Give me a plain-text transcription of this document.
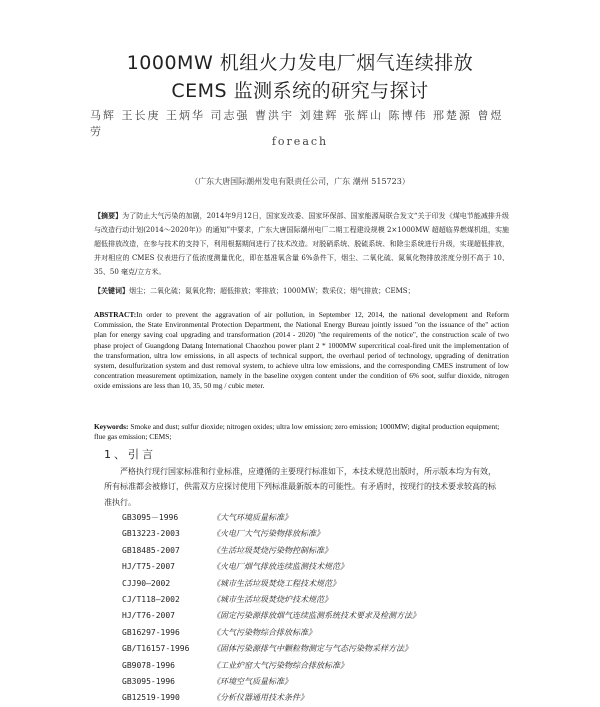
1000MW 机组火力发电厂烟气连续排放
CEMS 监测系统的研究与探讨
马辉 王长庚 王炳华 司志强 曹洪宇 刘建辉 张辉山 陈博伟 邢楚源 曾煜 劳
foreach
（广东大唐国际潮州发电有限责任公司，广东 潮州 515723）
【摘要】为了防止大气污染的加剧，2014年9月12日，国家发改委、国家环保部、国家能源局联合发文“关于印发《煤电节能减排升级与改造行动计划(2014～2020年)》的通知”中要求，广东大唐国际潮州电厂二期工程建设规模 2×1000MW 超超临界燃煤机组，实施超低排放改造，在参与技术的支持下，利用根据期间进行了技术改造。对脱硝系统、脱硫系统、和除尘系统进行升级，实现超低排放，并对相应的 CMES 仪表进行了低浓度测量优化，即在基准氧含量 6%条件下，烟尘、二氧化硫、氮氧化物排放浓度分别不高于 10、35、50 毫克/立方米。
【关键词】烟尘；二氧化硫；氮氧化物；超低排放；零排放；1000MW；数采仪；烟气排放；CEMS；
ABSTRACT:In order to prevent the aggravation of air pollution, in September 12, 2014, the national development and Reform Commission, the State Environmental Protection Department, the National Energy Bureau jointly issued "on the issuance of the" action plan for energy saving coal upgrading and transformation (2014 - 2020) "the requirements of the notice", the construction scale of two phase project of Guangdong Datang International Chaozhou power plant 2 * 1000MW supercritical coal-fired unit the implementation of the transformation, ultra low emissions, in all aspects of technical support, the overhaul period of technology, upgrading of denitration system, desulfurization system and dust removal system, to achieve ultra low emissions, and the corresponding CMES instrument of low concentration measurement optimization, namely in the baseline oxygen content under the condition of 6% soot, sulfur dioxide, nitrogen oxide emissions are less than 10, 35, 50 mg / cubic meter.
Keywords: Smoke and dust; sulfur dioxide; nitrogen oxides; ultra low emission; zero emission; 1000MW; digital production equipment; flue gas emission; CEMS;
1、引言
严格执行现行国家标准和行业标准，应遵循的主要现行标准如下，本技术规范出版时，所示版本均为有效，所有标准都会被修订，供需双方应探讨使用下列标准最新版本的可能性。有矛盾时，按现行的技术要求较高的标准执行。
GB3095－1996	《大气环境质量标准》
GB13223-2003	《火电厂大气污染物排放标准》
GB18485-2007	《生活垃圾焚烧污染物控制标准》
HJ/T75-2007	《火电厂烟气排放连续监测技术规范》
CJJ90—2002	《城市生活垃圾焚烧工程技术规范》
CJ/T118—2002	《城市生活垃圾焚烧炉技术规范》
HJ/T76-2007	《固定污染源排放烟气连续监测系统技术要求及检测方法》
GB16297-1996	《大气污染物综合排放标准》
GB/T16157-1996	《固体污染源排气中颗粒物测定与气态污染物采样方法》
GB9078-1996	《工业炉窑大气污染物综合排放标准》
GB3095-1996	《环境空气质量标准》
GB12519-1990	《分析仪器通用技术条件》
